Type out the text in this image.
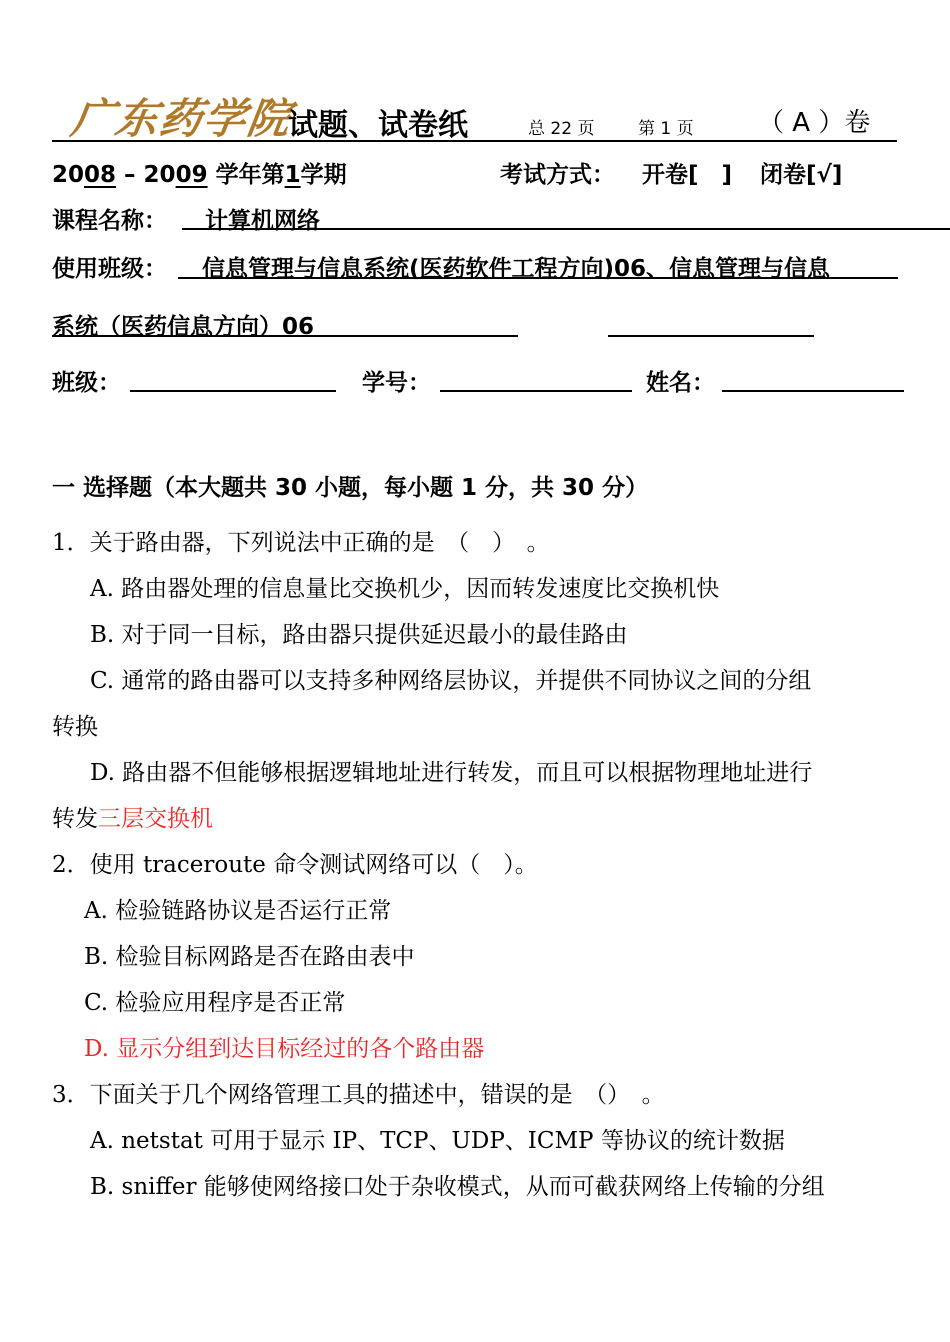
广东药学院
试题、试卷纸	总 22 页	第 1 页 （ A ）卷
2008 – 2009 学年第1学期	考试方式： 开卷[　] 闭卷[√]
课程名称： 计算机网络
使用班级： 信息管理与信息系统(医药软件工程方向)06、信息管理与信息
系统（医药信息方向）06
班级：	学号：	姓名：
一 选择题（本大题共 30 小题，每小题 1 分，共 30 分）
1．关于路由器，下列说法中正确的是　（　）　。
A. 路由器处理的信息量比交换机少，因而转发速度比交换机快
B. 对于同一目标，路由器只提供延迟最小的最佳路由
C. 通常的路由器可以支持多种网络层协议，并提供不同协议之间的分组
转换
D. 路由器不但能够根据逻辑地址进行转发，而且可以根据物理地址进行
转发三层交换机
2．使用 traceroute 命令测试网络可以（　）。
A. 检验链路协议是否运行正常
B. 检验目标网路是否在路由表中
C. 检验应用程序是否正常
D. 显示分组到达目标经过的各个路由器
3．下面关于几个网络管理工具的描述中，错误的是　（）　。
A. netstat 可用于显示 IP、TCP、UDP、ICMP 等协议的统计数据
B. sniffer 能够使网络接口处于杂收模式，从而可截获网络上传输的分组
